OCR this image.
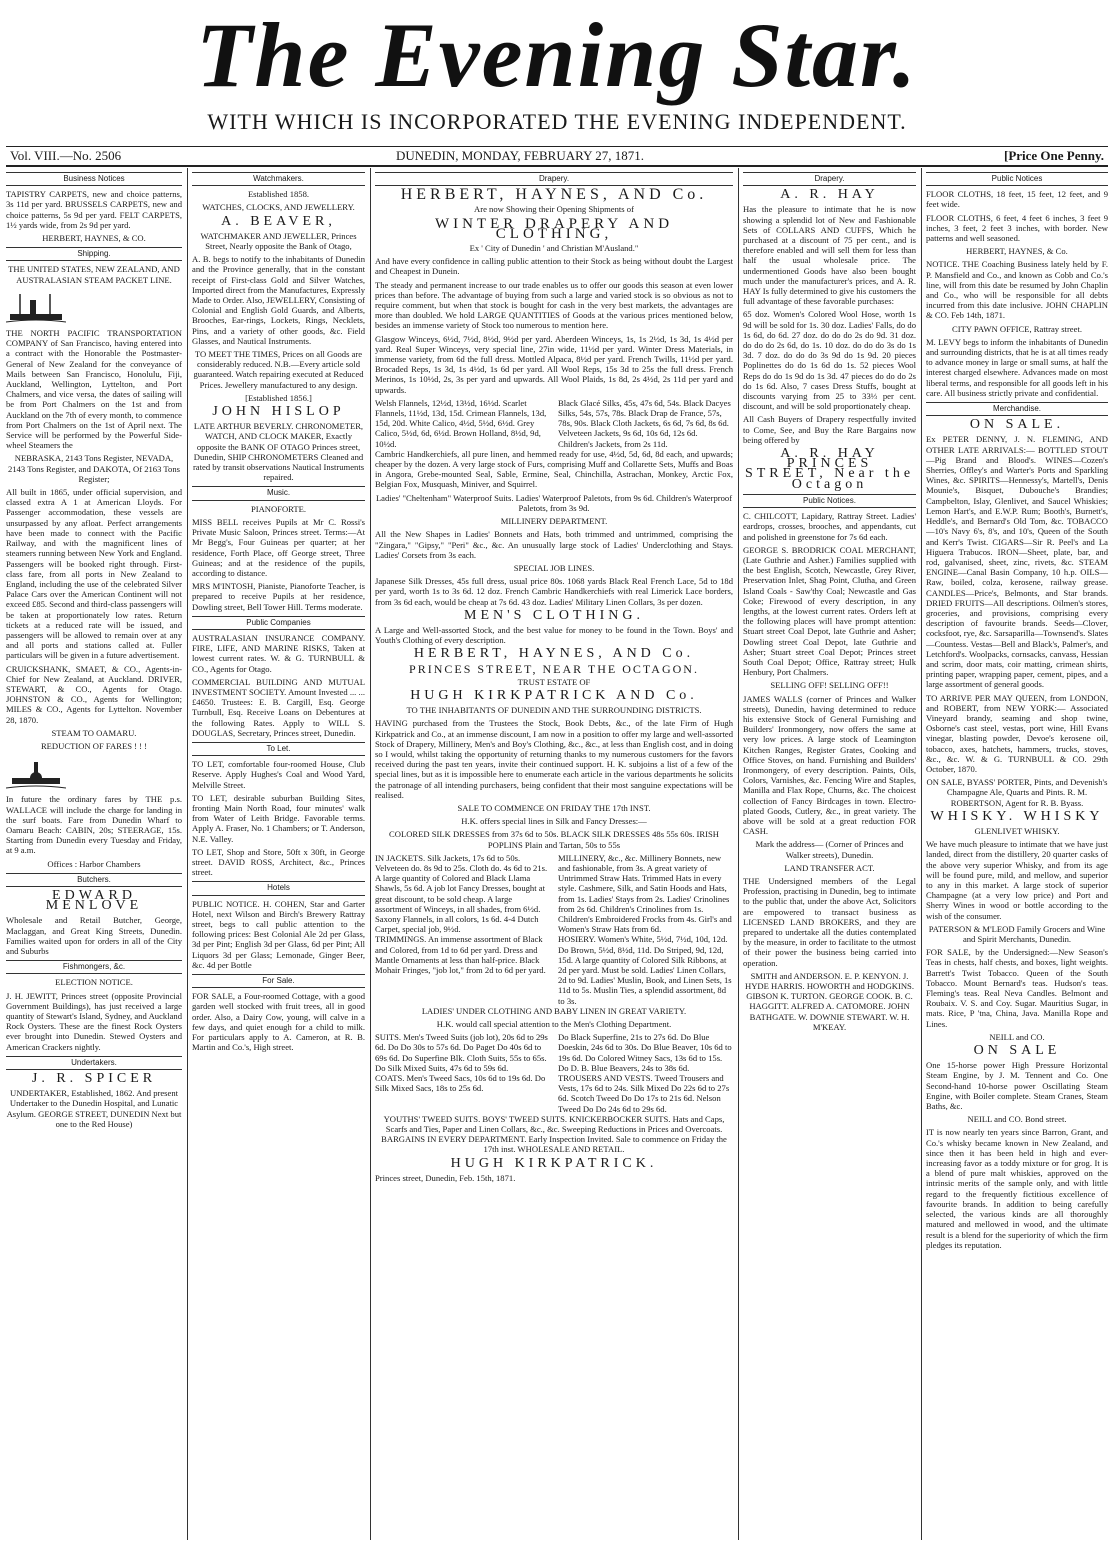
The Evening Star.
WITH WHICH IS INCORPORATED THE EVENING INDEPENDENT.
Vol. VIII.—No. 2506	DUNEDIN, MONDAY, FEBRUARY 27, 1871.	[Price One Penny.
Business Notices

TAPISTRY CARPETS, new and choice patterns, 3s 11d per yard. BRUSSELS CARPETS, new and choice patterns, 5s 9d per yard. FELT CARPETS, 1½ yards wide, from 2s 9d per yard.

HERBERT, HAYNES, & CO.

Shipping.

THE UNITED STATES, NEW ZEALAND, AND AUSTRALASIAN STEAM PACKET LINE.

THE NORTH PACIFIC TRANSPORTATION COMPANY of San Francisco, having entered into a contract with the Honorable the Postmaster-General of New Zealand for the conveyance of Mails between San Francisco, Honolulu, Fiji, Auckland, Wellington, Lyttelton, and Port Chalmers, and vice versa, the dates of sailing will be from Port Chalmers on the 1st and from Auckland on the 7th of every month, to commence from Port Chalmers on the 1st of April next. The Service will be performed by the Powerful Side-wheel Steamers the

NEBRASKA, 2143 Tons Register, NEVADA, 2143 Tons Register, and DAKOTA, Of 2163 Tons Register;

All built in 1865, under official supervision, and classed extra A 1 at American Lloyds. For Passenger accommodation, these vessels are unsurpassed by any afloat. Perfect arrangements have been made to connect with the Pacific Railway, and with the magnificent lines of steamers running between New York and England. Passengers will be booked right through. First-class fare, from all ports in New Zealand to England, including the use of the celebrated Silver Palace Cars over the American Continent will not exceed £85. Second and third-class passengers will be taken at proportionately low rates. Return tickets at a reduced rate will be issued, and passengers will be allowed to remain over at any and all ports and stations called at. Fuller particulars will be given in a future advertisement.

CRUICKSHANK, SMAET, & CO., Agents-in-Chief for New Zealand, at Auckland. DRIVER, STEWART, & CO., Agents for Otago. JOHNSTON & CO., Agents for Wellington; MILES & CO., Agents for Lyttelton. November 28, 1870.

STEAM TO OAMARU.

REDUCTION OF FARES ! ! !

In future the ordinary fares by THE p.s. WALLACE will include the charge for landing in the surf boats. Fare from Dunedin Wharf to Oamaru Beach: CABIN, 20s; STEERAGE, 15s. Starting from Dunedin every Tuesday and Friday, at 9 a.m.

Offices : Harbor Chambers

Butchers.
EDWARD MENLOVE

Wholesale and Retail Butcher, George, Maclaggan, and Great King Streets, Dunedin. Families waited upon for orders in all of the City and Suburbs

Fishmongers, &c.

ELECTION NOTICE.

J. H. JEWITT, Princes street (opposite Provincial Government Buildings), has just received a large quantity of Stewart's Island, Sydney, and Auckland Rock Oysters. These are the finest Rock Oysters ever brought into Dunedin. Stewed Oysters and American Crackers nightly.

Undertakers.
J. R. SPICER

UNDERTAKER, Established, 1862. And present Undertaker to the Dunedin Hospital, and Lunatic Asylum. GEORGE STREET, DUNEDIN Next but one to the Red House)

Watchmakers.

Established 1858.

WATCHES, CLOCKS, AND JEWELLERY.

A. BEAVER,

WATCHMAKER AND JEWELLER, Princes Street, Nearly opposite the Bank of Otago,

A. B. begs to notify to the inhabitants of Dunedin and the Province generally, that in the constant receipt of First-class Gold and Silver Watches, Imported direct from the Manufactures, Expressly Made to Order. Also, JEWELLERY, Consisting of Colonial and English Gold Guards, and Alberts, Brooches, Ear-rings, Lockets, Rings, Necklets, Pins, and a variety of other goods, &c. Field Glasses, and Nautical Instruments.

TO MEET THE TIMES, Prices on all Goods are considerably reduced. N.B.—Every article sold guaranteed. Watch repairing executed at Reduced Prices. Jewellery manufactured to any design.

[Established 1856.]

JOHN HISLOP

LATE ARTHUR BEVERLY. CHRONOMETER, WATCH, AND CLOCK MAKER, Exactly opposite the BANK OF OTAGO Princes street, Dunedin, SHIP CHRONOMETERS Cleaned and rated by transit observations Nautical Instruments repaired.

Music.

PIANOFORTE.

MISS BELL receives Pupils at Mr C. Rossi's Private Music Saloon, Princes street. Terms:—At Mr Begg's, Four Guineas per quarter; at her residence, Forth Place, off George street, Three Guineas; and at the residence of the pupils, according to distance.

MRS M'INTOSH, Pianiste, Pianoforte Teacher, is prepared to receive Pupils at her residence, Dowling street, Bell Tower Hill. Terms moderate.

Public Companies

AUSTRALASIAN INSURANCE COMPANY. FIRE, LIFE, AND MARINE RISKS, Taken at lowest current rates. W. & G. TURNBULL & CO., Agents for Otago.

COMMERCIAL BUILDING AND MUTUAL INVESTMENT SOCIETY. Amount Invested ... ... £4650. Trustees: E. B. Cargill, Esq. George Turnbull, Esq. Receive Loans on Debentures at the following Rates. Apply to WILL S. DOUGLAS, Secretary, Princes street, Dunedin.

To Let.

TO LET, comfortable four-roomed House, Club Reserve. Apply Hughes's Coal and Wood Yard, Melville Street.

TO LET, desirable suburban Building Sites, fronting Main North Road, four minutes' walk from Water of Leith Bridge. Favorable terms. Apply A. Fraser, No. 1 Chambers; or T. Anderson, N.E. Valley.

TO LET, Shop and Store, 50ft x 30ft, in George street. DAVID ROSS, Architect, &c., Princes street.

Hotels

PUBLIC NOTICE. H. COHEN, Star and Garter Hotel, next Wilson and Birch's Brewery Rattray street, begs to call public attention to the following prices: Best Colonial Ale 2d per Glass, 3d per Pint; English 3d per Glass, 6d per Pint; All Liquors 3d per Glass; Lemonade, Ginger Beer, &c. 4d per Bottle

For Sale.

FOR SALE, a Four-roomed Cottage, with a good garden well stocked with fruit trees, all in good order. Also, a Dairy Cow, young, will calve in a few days, and quiet enough for a child to milk. For particulars apply to A. Cameron, at R. B. Martin and Co.'s, High street.

Drapery.
HERBERT, HAYNES, AND Co.

Are now Showing their Opening Shipments of

WINTER DRAPERY AND CLOTHING,

Ex ' City of Dunedin ' and Christian M'Ausland."

And have every confidence in calling public attention to their Stock as being without doubt the Largest and Cheapest in Dunein.

The steady and permanent increase to our trade enables us to offer our goods this season at even lower prices than before. The advantage of buying from such a large and varied stock is so obvious as not to require comment, but when that stock is bought for cash in the very best markets, the advantages are more than doubled. We hold LARGE QUANTITIES of Goods at the various prices mentioned below, besides an immense variety of Stock too numerous to mention here.

Glasgow Winceys, 6½d, 7½d, 8½d, 9½d per yard. Aberdeen Winceys, 1s, 1s 2½d, 1s 3d, 1s 4½d per yard. Real Super Winceys, very special line, 27in wide, 11½d per yard. Winter Dress Materials, in immense variety, from 6d the full dress. Mottled Alpaca, 8½d per yard. French Twills, 11½d per yard. Brocaded Reps, 1s 3d, 1s 4½d, 1s 6d per yard. All Wool Reps, 15s 3d to 25s the full dress. French Merinos, 1s 10½d, 2s, 3s per yard and upwards. All Wool Plaids, 1s 8d, 2s 4½d, 2s 11d per yard and upwards.

Welsh Flannels, 12½d, 13½d, 16½d. Scarlet Flannels, 11½d, 13d, 15d. Crimean Flannels, 13d, 15d, 20d. White Calico, 4½d, 5½d, 6½d. Grey Calico, 5½d, 6d, 6½d. Brown Holland, 8½d, 9d, 10½d.
Black Glacé Silks, 45s, 47s 6d, 54s. Black Dacyes Silks, 54s, 57s, 78s. Black Drap de France, 57s, 78s, 90s. Black Cloth Jackets, 6s 6d, 7s 6d, 8s 6d. Velveteen Jackets, 9s 6d, 10s 6d, 12s 6d. Children's Jackets, from 2s 11d.

Cambric Handkerchiefs, all pure linen, and hemmed ready for use, 4½d, 5d, 6d, 8d each, and upwards; cheaper by the dozen. A very large stock of Furs, comprising Muff and Collarette Sets, Muffs and Boas in Angora, Grebe-mounted Seal, Sable, Ermine, Seal, Chinchilla, Astrachan, Monkey, Arctic Fox, Belgian Fox, Musquash, Miniver, and Squirrel.

Ladies' "Cheltenham" Waterproof Suits. Ladies' Waterproof Paletots, from 9s 6d. Children's Waterproof Paletots, from 3s 9d.

MILLINERY DEPARTMENT.

All the New Shapes in Ladies' Bonnets and Hats, both trimmed and untrimmed, comprising the "Zingara," "Gipsy," "Peri" &c., &c. An unusually large stock of Ladies' Underclothing and Stays. Ladies' Corsets from 3s each.

SPECIAL JOB LINES.

Japanese Silk Dresses, 45s full dress, usual price 80s. 1068 yards Black Real French Lace, 5d to 18d per yard, worth 1s to 3s 6d. 12 doz. French Cambric Handkerchiefs with real Limerick Lace borders, from 3s 6d each, would be cheap at 7s 6d. 43 doz. Ladies' Military Linen Collars, 3s per dozen.

MEN'S CLOTHING.

A Large and Well-assorted Stock, and the best value for money to be found in the Town. Boys' and Youth's Clothing of every description.

HERBERT, HAYNES, AND Co.

PRINCES STREET, NEAR THE OCTAGON.

TRUST ESTATE OF

HUGH KIRKPATRICK AND Co.

TO THE INHABITANTS OF DUNEDIN AND THE SURROUNDING DISTRICTS.

HAVING purchased from the Trustees the Stock, Book Debts, &c., of the late Firm of Hugh Kirkpatrick and Co., at an immense discount, I am now in a position to offer my large and well-assorted Stock of Drapery, Millinery, Men's and Boy's Clothing, &c., &c., at less than English cost, and in doing so I would, whilst taking the opportunity of returning thanks to my numerous customers for the favors received during the past ten years, invite their continued support. H. K. subjoins a list of a few of the special lines, but as it is impossible here to enumerate each article in the various departments he solicits the patronage of all intending purchasers, being confident that their most sanguine expectations will be realised.

SALE TO COMMENCE ON FRIDAY THE 17th INST.

H.K. offers special lines in Silk and Fancy Dresses:—

COLORED SILK DRESSES from 37s 6d to 50s. BLACK SILK DRESSES 48s 55s 60s. IRISH POPLINS Plain and Tartan, 50s to 55s

IN JACKETS. Silk Jackets, 17s 6d to 50s. Velveteen do. 8s 9d to 25s. Cloth do. 4s 6d to 21s. A large quantity of Colored and Black Llama Shawls, 5s 6d. A job lot Fancy Dresses, bought at great discount, to be sold cheap. A large assortment of Winceys, in all shades, from 6½d. Saxony Flannels, in all colors, 1s 6d. 4-4 Dutch Carpet, special job, 9½d.
MILLINERY, &c., &c. Millinery Bonnets, new and fashionable, from 3s. A great variety of Untrimmed Straw Hats. Trimmed Hats in every style. Cashmere, Silk, and Satin Hoods and Hats, from 1s. Ladies' Stays from 2s. Ladies' Crinolines from 2s 6d. Children's Crinolines from 1s. Children's Embroidered Frocks from 4s. Girl's and Women's Straw Hats from 6d.
TRIMMINGS. An immense assortment of Black and Colored, from 1d to 6d per yard. Dress and Mantle Ornaments at less than half-price. Black Mohair Fringes, "job lot," from 2d to 6d per yard.
HOSIERY. Women's White, 5½d, 7½d, 10d, 12d. Do Brown, 5½d, 8½d, 11d. Do Striped, 9d, 12d, 15d. A large quantity of Colored Silk Ribbons, at 2d per yard. Must be sold. Ladies' Linen Collars, 2d to 9d. Ladies' Muslin, Book, and Linen Sets, 1s 11d to 5s. Muslin Ties, a splendid assortment, 8d to 3s.

LADIES' UNDER CLOTHING AND BABY LINEN IN GREAT VARIETY.

H.K. would call special attention to the Men's Clothing Department.

SUITS. Men's Tweed Suits (job lot), 20s 6d to 29s 6d. Do Do 30s to 57s 6d. Do Paget Do 40s 6d to 69s 6d. Do Superfine Blk. Cloth Suits, 55s to 65s. Do Silk Mixed Suits, 47s 6d to 59s 6d.
Do Black Superfine, 21s to 27s 6d. Do Blue Doeskin, 24s 6d to 30s. Do Blue Beaver, 10s 6d to 19s 6d. Do Colored Witney Sacs, 13s 6d to 15s. Do D. B. Blue Beavers, 24s to 38s 6d.
COATS. Men's Tweed Sacs, 10s 6d to 19s 6d. Do Silk Mixed Sacs, 18s to 25s 6d.
TROUSERS AND VESTS. Tweed Trousers and Vests, 17s 6d to 24s. Silk Mixed Do 22s 6d to 27s 6d. Scotch Tweed Do Do 17s to 21s 6d. Nelson Tweed Do Do 24s 6d to 29s 6d.

YOUTHS' TWEED SUITS. BOYS' TWEED SUITS. KNICKERBOCKER SUITS. Hats and Caps, Scarfs and Ties, Paper and Linen Collars, &c., &c. Sweeping Reductions in Prices and Overcoats. BARGAINS IN EVERY DEPARTMENT. Early Inspection Invited. Sale to commence on Friday the 17th inst. WHOLESALE AND RETAIL.

HUGH KIRKPATRICK.

Princes street, Dunedin, Feb. 15th, 1871.

Drapery.
A. R. HAY

Has the pleasure to intimate that he is now showing a splendid lot of New and Fashionable Sets of COLLARS AND CUFFS, Which he purchased at a discount of 75 per cent., and is therefore enabled and will sell them for less than half the usual wholesale price. The undermentioned Goods have also been bought much under the manufacturer's prices, and A. R. HAY Is fully determined to give his customers the full advantage of these favorable purchases:

65 doz. Women's Colored Wool Hose, worth 1s 9d will be sold for 1s. 30 doz. Ladies' Falls, do do 1s 6d, do 6d. 27 doz. do do do 2s do 9d. 31 doz. do do do 2s 6d, do 1s. 10 doz. do do do 3s do 1s 3d. 7 doz. do do do 3s 9d do 1s 9d. 20 pieces Poplinettes do do 1s 6d do 1s. 52 pieces Wool Reps do do 1s 9d do 1s 3d. 47 pieces do do do 2s do 1s 6d. Also, 7 cases Dress Stuffs, bought at discounts varying from 25 to 33⅓ per cent. discount, and will be sold proportionately cheap.

All Cash Buyers of Drapery respectfully invited to Come, See, and Buy the Rare Bargains now being offered by

A. R. HAY PRINCES STREET, Near the Octagon
Public Notices.

C. CHILCOTT, Lapidary, Rattray Street. Ladies' eardrops, crosses, brooches, and appendants, cut and polished in greenstone for 7s 6d each.

GEORGE S. BRODRICK COAL MERCHANT, (Late Guthrie and Asher.) Families supplied with the best English, Scotch, Newcastle, Grey River, Preservation Inlet, Shag Point, Clutha, and Green Island Coals - Saw'thy Coal; Newcastle and Gas Coke; Firewood of every description, in any lengths, at the lowest current rates. Orders left at the following places will have prompt attention: Stuart street Coal Depot, late Guthrie and Asher; Dowling street Coal Depot, late Guthrie and Asher; Stuart street Coal Depot; Princes street South Coal Depot; Office, Rattray street; Hulk Henbury, Port Chalmers.

SELLING OFF! SELLING OFF!!

JAMES WALLS (corner of Princes and Walker streets), Dunedin, having determined to reduce his extensive Stock of General Furnishing and Builders' Ironmongery, now offers the same at very low prices. A large stock of Leamington Kitchen Ranges, Register Grates, Cooking and Office Stoves, on hand. Furnishing and Builders' Ironmongery, of every description. Paints, Oils, Colors, Varnishes, &c. Fencing Wire and Staples, Manilla and Flax Rope, Churns, &c. The choicest collection of Fancy Birdcages in town. Electro-plated Goods, Cutlery, &c., in great variety. The above will be sold at a great reduction FOR CASH.

Mark the address— (Corner of Princes and Walker streets), Dunedin.

LAND TRANSFER ACT.

THE Undersigned members of the Legal Profession, practising in Dunedin, beg to intimate to the public that, under the above Act, Solicitors are empowered to transact business as LICENSED LAND BROKERS, and they are prepared to undertake all the duties contemplated by the measure, in order to facilitate to the utmost of their power the business being carried into operation.

SMITH and ANDERSON. E. P. KENYON. J. HYDE HARRIS. HOWORTH and HODGKINS. GIBSON K. TURTON. GEORGE COOK. B. C. HAGGITT. ALFRED A. CATOMORE. JOHN BATHGATE. W. DOWNIE STEWART. W. H. M'KEAY.

Public Notices

FLOOR CLOTHS, 18 feet, 15 feet, 12 feet, and 9 feet wide.

FLOOR CLOTHS, 6 feet, 4 feet 6 inches, 3 feet 9 inches, 3 feet, 2 feet 3 inches, with border. New patterns and well seasoned.

HERBERT, HAYNES, & Co.

NOTICE. THE Coaching Business lately held by F. P. Mansfield and Co., and known as Cobb and Co.'s line, will from this date be resumed by John Chaplin and Co., who will be responsible for all debts incurred from this date inclusive. JOHN CHAPLIN & CO. Feb 14th, 1871.

CITY PAWN OFFICE, Rattray street.

M. LEVY begs to inform the inhabitants of Dunedin and surrounding districts, that he is at all times ready to advance money in large or small sums, at half the interest charged elsewhere. Advances made on most liberal terms, and responsible for all goods left in his care. All business strictly private and confidential.

Merchandise.
ON SALE.

Ex PETER DENNY, J. N. FLEMING, AND OTHER LATE ARRIVALS:— BOTTLED STOUT—Pig Brand and Blood's. WINES—Cozen's Sherries, Offley's and Warter's Ports and Sparkling Wines, &c. SPIRITS—Hennessy's, Martell's, Denis Mounie's, Bisquet, Dubouche's Brandies; Campbelton, Islay, Glenlivet, and Saucel Whiskies; Lemon Hart's, and E.W.P. Rum; Booth's, Burnett's, Heddle's, and Bernard's Old Tom, &c. TOBACCO—10's Navy 6's, 8's, and 10's, Queen of the South and Kerr's Twist. CIGARS—Sir R. Peel's and La Higuera Trabucos. IRON—Sheet, plate, bar, and rod, galvanised, sheet, zinc, rivets, &c. STEAM ENGINE—Canal Basin Company, 10 h.p. OILS—Raw, boiled, colza, kerosene, railway grease. CANDLES—Price's, Belmonts, and Star brands. DRIED FRUITS—All descriptions. Oilmen's stores, groceries, and provisions, comprising every description of favourite brands. Seeds—Clover, cocksfoot, rye, &c. Sarsaparilla—Townsend's. Slates—Countess. Vestas—Bell and Black's, Palmer's, and Letchford's. Woolpacks, cornsacks, canvass, Hessian and scrim, door mats, coir matting, crimean shirts, printing paper, wrapping paper, cement, pipes, and a large assortment of general goods.

TO ARRIVE PER MAY QUEEN, from LONDON, and ROBERT, from NEW YORK:— Associated Vineyard brandy, seaming and shop twine, Osborne's cast steel, vestas, port wine, Hill Evans vinegar, blasting powder, Devoe's kerosene oil, tobacco, axes, hatchets, hammers, trucks, stoves, &c., &c. W. & G. TURNBULL & CO. 29th October, 1870.

ON SALE, BYASS' PORTER, Pints, and Devenish's Champagne Ale, Quarts and Pints. R. M. ROBERTSON, Agent for R. B. Byass.

WHISKY. WHISKY

GLENLIVET WHISKY.

We have much pleasure to intimate that we have just landed, direct from the distillery, 20 quarter casks of the above very superior Whisky, and from its age will be found pure, mild, and mellow, and superior to any in this market. A large stock of superior Champagne (at a very low price) and Port and Sherry Wines in wood or bottle according to the wish of the consumer.

PATERSON & M'LEOD Family Grocers and Wine and Spirit Merchants, Dunedin.

FOR SALE, by the Undersigned:—New Season's Teas in chests, half chests, and boxes, light weights. Barrett's Twist Tobacco. Queen of the South Tobacco. Mount Bernard's teas. Hudson's teas. Fleming's teas. Real Neva Candles. Belmont and Roubaix. V. S. and Coy. Sugar. Mauritius Sugar, in mats. Rice, P 'tna, China, Java. Manilla Rope and Lines.

NEILL and CO.

ON SALE

One 15-horse power High Pressure Horizontal Steam Engine, by J. M. Tennent and Co. One Second-hand 10-horse power Oscillating Steam Engine, with Boiler complete. Steam Cranes, Steam Baths, &c.

NEILL and CO. Bond street.

IT is now nearly ten years since Barron, Grant, and Co.'s whisky became known in New Zealand, and since then it has been held in high and ever-increasing favor as a toddy mixture or for grog. It is a blend of pure malt whiskies, approved on the intrinsic merits of the sample only, and with little regard to the frequently fictitious excellence of favourite brands. In addition to being carefully selected, the various kinds are all thoroughly matured and mellowed in wood, and the ultimate result is a blend for the superiority of which the firm pledges its reputation.
